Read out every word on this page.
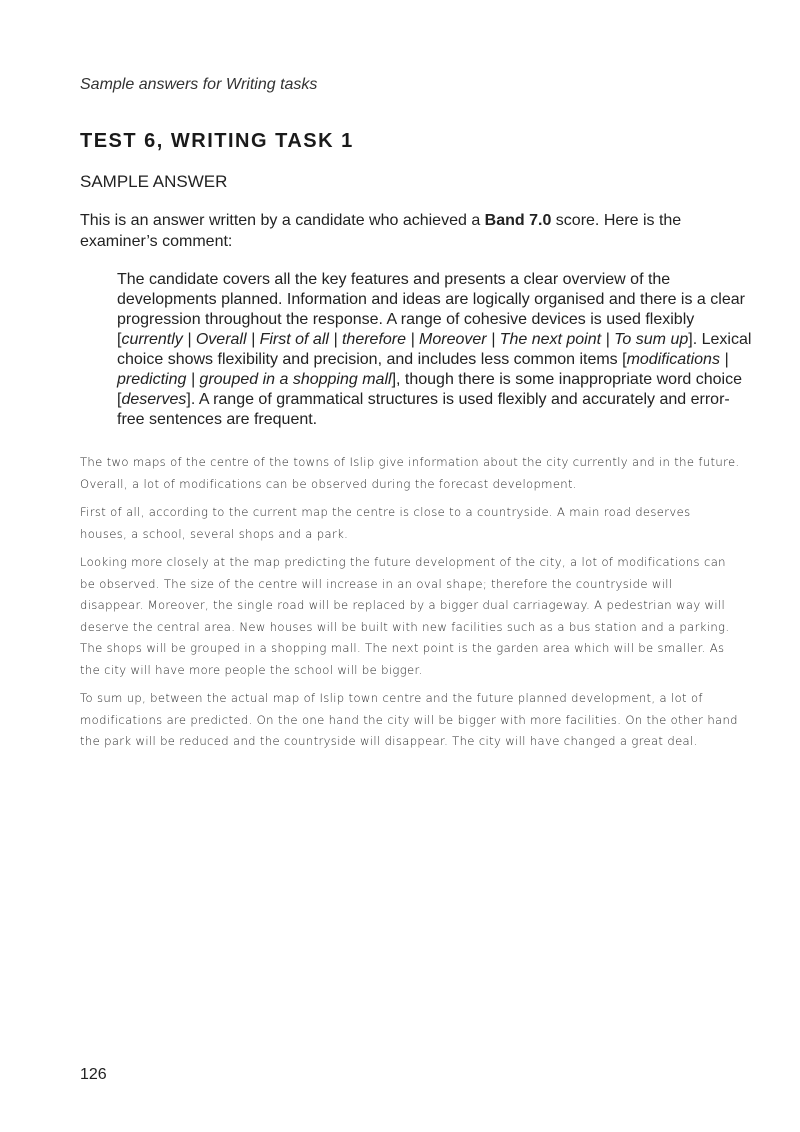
Sample answers for Writing tasks
TEST 6, WRITING TASK 1
SAMPLE ANSWER
This is an answer written by a candidate who achieved a Band 7.0 score. Here is the examiner’s comment:
The candidate covers all the key features and presents a clear overview of the developments planned. Information and ideas are logically organised and there is a clear progression throughout the response. A range of cohesive devices is used flexibly [currently | Overall | First of all | therefore | Moreover | The next point | To sum up]. Lexical choice shows flexibility and precision, and includes less common items [modifications | predicting | grouped in a shopping mall], though there is some inappropriate word choice [deserves]. A range of grammatical structures is used flexibly and accurately and error-free sentences are frequent.

The two maps of the centre of the towns of Islip give information about the city currently and in the future. Overall, a lot of modifications can be observed during the forecast development.

First of all, according to the current map the centre is close to a countryside. A main road deserves houses, a school, several shops and a park.

Looking more closely at the map predicting the future development of the city, a lot of modifications can be observed. The size of the centre will increase in an oval shape; therefore the countryside will disappear. Moreover, the single road will be replaced by a bigger dual carriageway. A pedestrian way will deserve the central area. New houses will be built with new facilities such as a bus station and a parking. The shops will be grouped in a shopping mall. The next point is the garden area which will be smaller. As the city will have more people the school will be bigger.

To sum up, between the actual map of Islip town centre and the future planned development, a lot of modifications are predicted. On the one hand the city will be bigger with more facilities. On the other hand the park will be reduced and the countryside will disappear. The city will have changed a great deal.

126
